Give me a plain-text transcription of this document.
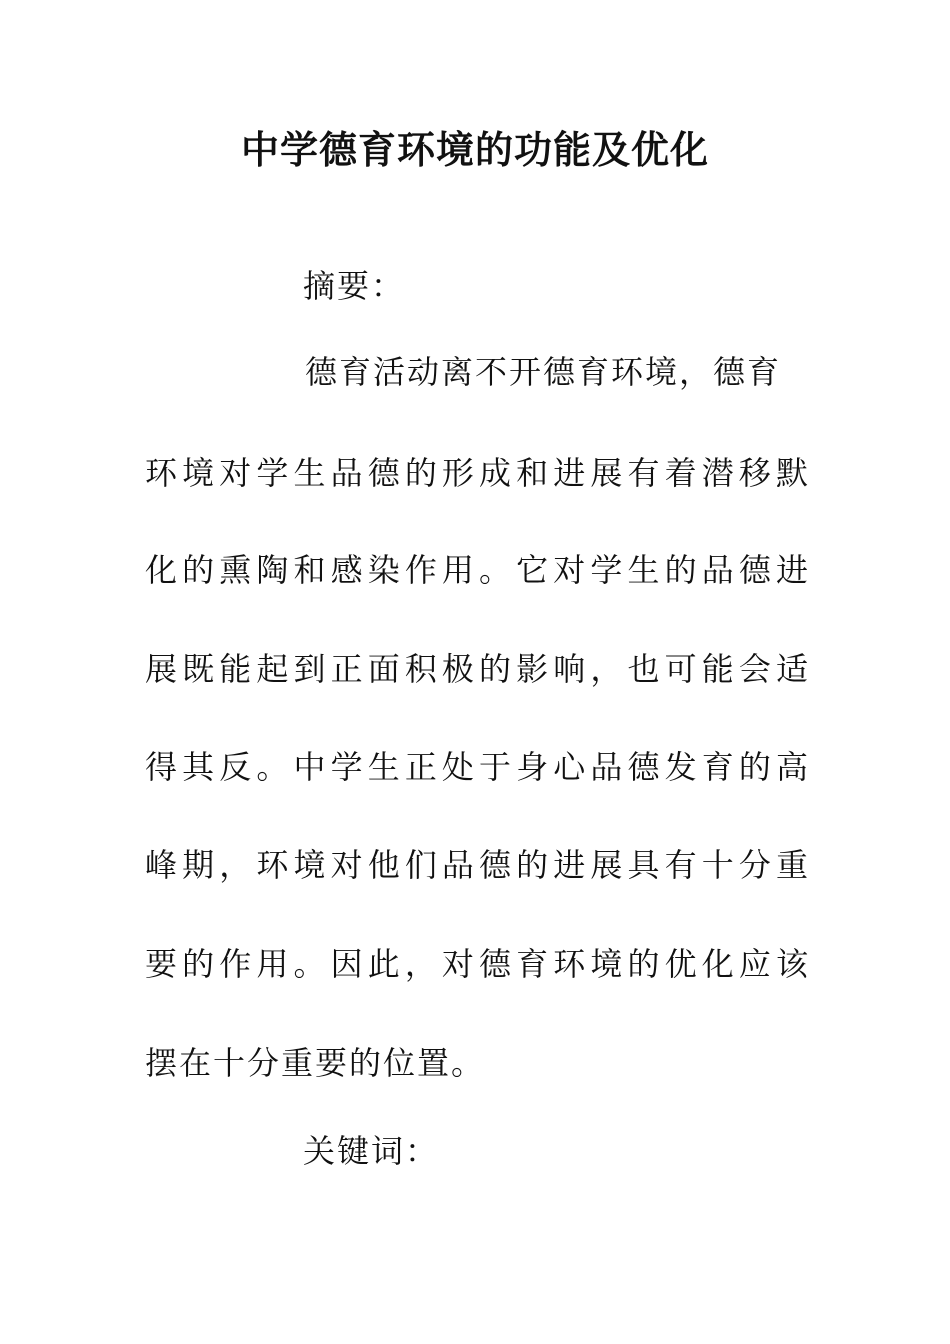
中学德育环境的功能及优化
摘要：
德育活动离不开德育环境，德育
环境对学生品德的形成和进展有着潜移默
化的熏陶和感染作用。它对学生的品德进
展既能起到正面积极的影响，也可能会适
得其反。中学生正处于身心品德发育的高
峰期，环境对他们品德的进展具有十分重
要的作用。因此，对德育环境的优化应该
摆在十分重要的位置。
关键词：
